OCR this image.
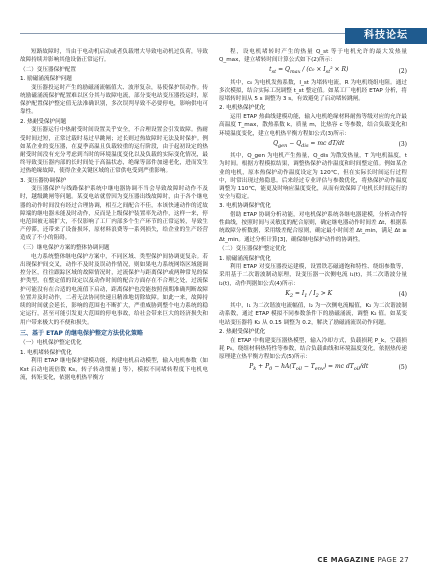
科技论坛

短路故障时，当由于电动机启动或者负载增大导致电动机过负荷，导致故障持续并影响其他设备正常运行。

（二）变压器保护配置
1. 励磁涌流保护问题

变压器投运时产生的励磁涌流幅值大、波形复杂，易使保护误动作。传统励磁涌流保护配置难以区分其与故障电流，部分变电站变压器投运时，原保护配置保护整定值无法准确识别，多次误判导致不必要停电，影响供电可靠性。

2. 热耐受保护问题

变压器运行中热耐受时间设置关乎安全，不合理设置会引发故障。热耐受时间过短，正常过载时易过早跳闸；过长则过热故障时无法及时保护。例如某企业的变压器，在夏季高温且负载较重的运行阶段，由于起初设定的热耐受时间没有充分考虑到当时的环境温度变化以及负载的实际变化情况，最终导致变压器内部的长时间处于高温状态，绝缘等部件加速老化，进而发生过热绝缘故障，使得企业关键区域的正常供电受到严重影响。

3. 变压器协调保护

变压器保护与线路保护系统中继电器协调不当会导致故障时动作不及时，越级跳闸等问题。某变电站就曾因为变压器出线故障时，由于各个继电器的动作时间没有经过合理协调，相互之间配合不佳，本该快速动作的近故障端的继电器未能及时动作，反而是上级保护装置率先动作，这样一来，停电范围被无端扩大，不仅影响了工厂内部多个生产环节的正常运转，导致生产停滞，还带来了设备损坏，原材料浪费等一系列损失，给企业的生产经营造成了不小的阻碍。

（三）继电保护方案的整体协调问题

电力系统整体继电保护方案中，不同区域、类型保护间协调更复杂。若出现保护间交叉，动作不及时及误动作情况，则如果电力系统网络区域能调控分区，往往跟踪区域的故障情况时，过流保护与距离保护或两种常见的保护类型，在整定值的设定以及动作时间的配合方面存在不合理之处，过流保护可能没有在合适的电流值下启动，距离保护也没能按照预期准确判断故障位置并及时动作，二者无法协同快速且精准地切除故障。如此一来，故障持续的时间就会延长，影响的范围也不断扩大，严重威胁到整个电力系统的稳定运行，甚至可能引发更大范围的停电事故，给社会带来巨大的经济损失和用户带来极大的不便和损失。

三、基于 ETAP 的继电保护整定方法优化策略
（一）电机保护整定优化
1. 电机堵转保护优化

利用 ETAP 继电保护建模功能，构建电机启动模型，输入电机参数（如 Kst 启动电流倍数 Ks，转子转动惯量 J 等），模拟不同堵转程度下电机电流，转矩变化，依据电机热平衡方

程，设电机堵转时产生的热量 Q_st 等于电机允许的最大发热量 Q_max，建立堵转时间计算公式如下(2)所示：

$t_{st} = Q_{max} / (c_0 \times I_{st}^2 \times R)$	(2)

其中，c₀ 为电机发热系数，I_st 为堵转电流，R 为电机绕组电阻。通过多次模拟，结合实际工况调整 t_st 整定值。如某工厂电机经 ETAP 分析，将原堵转时间从 5 s 调整为 3 s，有效避免了启动堵转跳闸。

2. 电机热保护优化

运用 ETAP 热曲线建模功能，输入电机绝缘材料耐热等级对应的允许最高温度 T_max，散热系数 k，质量 m，比热容 c 等参数，结合负载变化和环境温度变化，建立电机热平衡方程如公式(3)所示：

$Q_{gen} - Q_{dis}$ = mc dT/dt	(3)

其中，Q_gen 为电机产生热量，Q_dis 为散发热量，T 为电机温度，t 为时间。根据方程模拟结果，调整热保护动作温度和时间整定值。例如某企业的电机，原本热保护动作温度设定为 120℃，但在实际长时间运行过程中，时常出现过热隐患。后来经过专业评估与参数优化，将热保护动作温度调整为 110℃，能更及时响应温度变化，从而有效保障了电机长时间运行的安全与稳定。

3. 电机协调保护优化

借助 ETAP 协调分析功能，对电机保护系统各继电器建模，分析动作特性曲线，按照时间与灵敏度的配合原则，确定继电器动作时间差 Δt，根据系统故障分析数据，采用级差配合原则，确定最小时间差 Δt_min，满足 Δt ≥ Δt_min。通过分析计算[3]，确保继电保护动作的协调性。

（二）变压器保护整定优化
1. 励磁涌流保护优化

利用 ETAP 对变压器投运建模，设置铁芯磁通饱和特性、绕组参数等，采用基于二次谐波制动原理，设变压器一次侧电流 i₁(t)，其二次谐波分量 i₂(t)，动作判据如公式(4)所示：

$K_2 = I_1 / I_2 > K$	(4)

其中，I₁ 为二次谐波电流幅值，I₂ 为一次侧电流幅值，K₂ 为二次谐波制动系数，通过 ETAP 模拟不同参数条件下的励磁涌流，调整 K₂ 值。如某变电站变压器将 K₂ 从 0.15 调整为 0.2，解决了励磁涌流误动作问题。

2. 热耐受保护优化

在 ETAP 中构建变压器热模型，输入冷却方式，负载损耗 P_k，空载损耗 P₀，绕组材料热特性等参数，结合负载曲线和环境温度变化，依据热传递原理建立热平衡方程如公式(5)所示：

$P_k + P_0 - hA(T_{oil} - T_{env})$ = mc $dT_{oil}/dt$	(5)
CE MAGAZINE PAGE 27
